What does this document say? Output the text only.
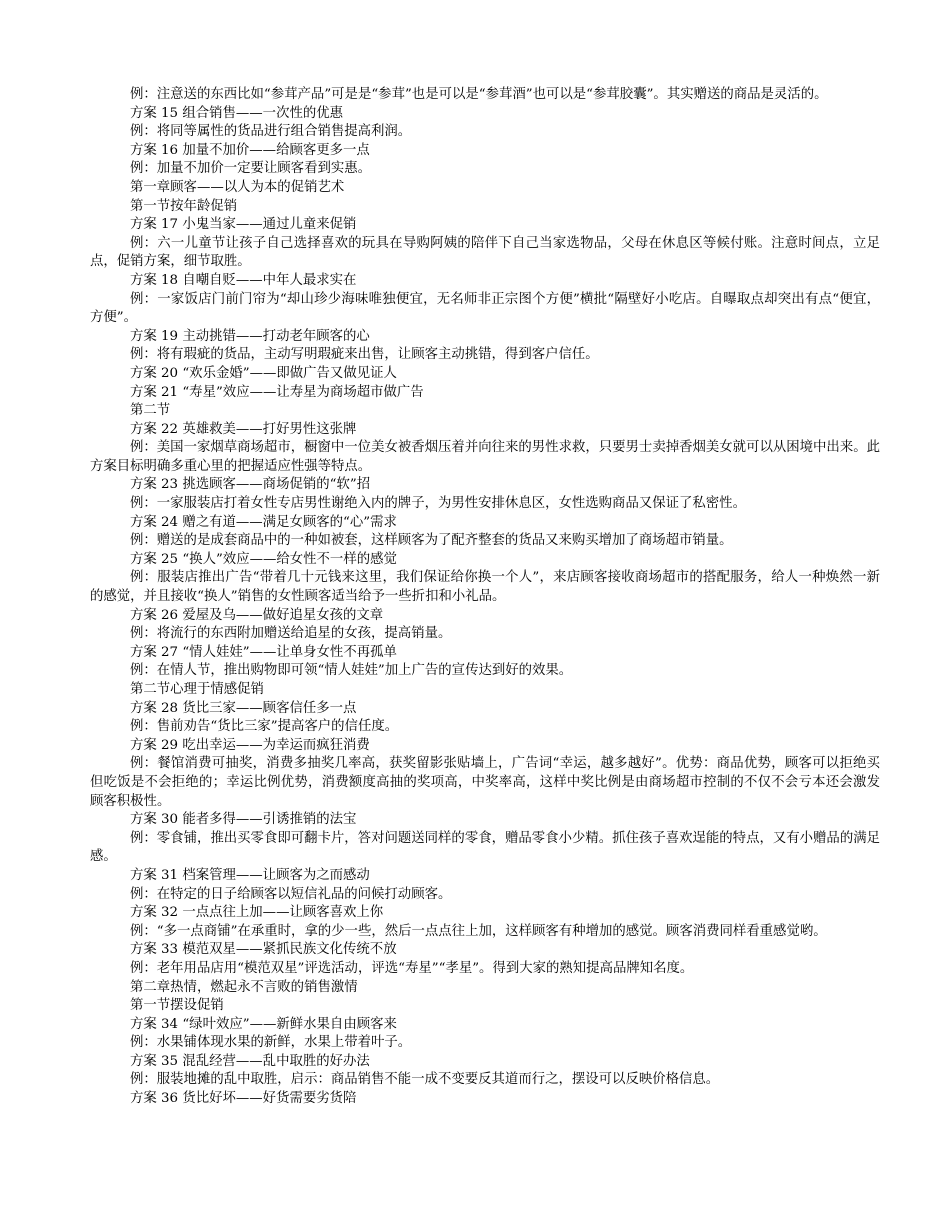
例：注意送的东西比如“参茸产品”可是是“参茸”也是可以是“参茸酒”也可以是“参茸胶囊”。其实赠送的商品是灵活的。

方案 15 组合销售——一次性的优惠

例：将同等属性的货品进行组合销售提高利润。

方案 16 加量不加价——给顾客更多一点

例：加量不加价一定要让顾客看到实惠。

第一章顾客——以人为本的促销艺术

第一节按年龄促销

方案 17 小鬼当家——通过儿童来促销

例：六一儿童节让孩子自己选择喜欢的玩具在导购阿姨的陪伴下自己当家选物品，父母在休息区等候付账。注意时间点，立足点，促销方案，细节取胜。

方案 18 自嘲自贬——中年人最求实在

例：一家饭店门前门帘为“却山珍少海味唯独便宜，无名师非正宗图个方便”横批“隔壁好小吃店。自曝取点却突出有点“便宜，方便”。

方案 19 主动挑错——打动老年顾客的心

例：将有瑕疵的货品，主动写明瑕疵来出售，让顾客主动挑错，得到客户信任。

方案 20 “欢乐金婚”——即做广告又做见证人

方案 21 “寿星”效应——让寿星为商场超市做广告

第二节

方案 22 英雄救美——打好男性这张牌

例：美国一家烟草商场超市，橱窗中一位美女被香烟压着并向往来的男性求救，只要男士卖掉香烟美女就可以从困境中出来。此方案目标明确多重心里的把握适应性强等特点。

方案 23 挑选顾客——商场促销的“软”招

例：一家服装店打着女性专店男性谢绝入内的牌子，为男性安排休息区，女性选购商品又保证了私密性。

方案 24 赠之有道——满足女顾客的“心”需求

例：赠送的是成套商品中的一种如被套，这样顾客为了配齐整套的货品又来购买增加了商场超市销量。

方案 25 “换人”效应——给女性不一样的感觉

例：服装店推出广告“带着几十元钱来这里，我们保证给你换一个人”，来店顾客接收商场超市的搭配服务，给人一种焕然一新的感觉，并且接收“换人”销售的女性顾客适当给予一些折扣和小礼品。

方案 26 爱屋及乌——做好追星女孩的文章

例：将流行的东西附加赠送给追星的女孩，提高销量。

方案 27 “情人娃娃”——让单身女性不再孤单

例：在情人节，推出购物即可领“情人娃娃”加上广告的宣传达到好的效果。

第二节心理于情感促销

方案 28 货比三家——顾客信任多一点

例：售前劝告“货比三家”提高客户的信任度。

方案 29 吃出幸运——为幸运而疯狂消费

例：餐馆消费可抽奖，消费多抽奖几率高，获奖留影张贴墙上，广告词“幸运，越多越好”。优势：商品优势，顾客可以拒绝买但吃饭是不会拒绝的；幸运比例优势，消费额度高抽的奖项高，中奖率高，这样中奖比例是由商场超市控制的不仅不会亏本还会激发顾客积极性。

方案 30 能者多得——引诱推销的法宝

例：零食铺，推出买零食即可翻卡片，答对问题送同样的零食，赠品零食小少精。抓住孩子喜欢逞能的特点，又有小赠品的满足感。

方案 31 档案管理——让顾客为之而感动

例：在特定的日子给顾客以短信礼品的问候打动顾客。

方案 32 一点点往上加——让顾客喜欢上你

例：“多一点商铺”在承重时，拿的少一些，然后一点点往上加，这样顾客有种增加的感觉。顾客消费同样看重感觉哟。

方案 33 模范双星——紧抓民族文化传统不放

例：老年用品店用“模范双星”评选活动，评选“寿星”“孝星”。得到大家的熟知提高品牌知名度。

第二章热情，燃起永不言败的销售激情

第一节摆设促销

方案 34 “绿叶效应”——新鲜水果自由顾客来

例：水果铺体现水果的新鲜，水果上带着叶子。

方案 35 混乱经营——乱中取胜的好办法

例：服装地摊的乱中取胜，启示：商品销售不能一成不变要反其道而行之，摆设可以反映价格信息。

方案 36 货比好坏——好货需要劣货陪
